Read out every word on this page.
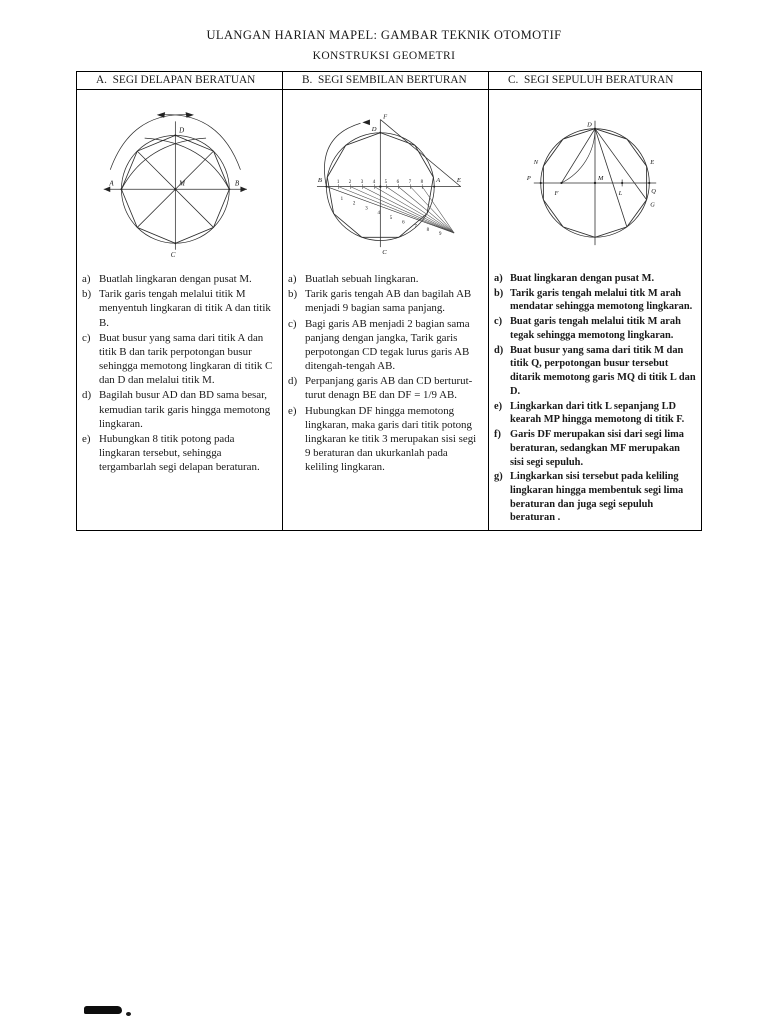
ULANGAN HARIAN MAPEL: GAMBAR TEKNIK OTOMOTIF
KONSTRUKSI GEOMETRI
A.  SEGI DELAPAN BERATUAN	B.  SEGI SEMBILAN BERTURAN	C.  SEGI SEPULUH BERATURAN

D
A	B
C
M
a) Buatlah lingkaran dengan pusat M.
b) Tarik garis tengah melalui titik M menyentuh lingkaran di titik A dan titik B.
c) Buat busur yang sama dari titik A dan titik B dan tarik perpotongan busur sehingga memotong lingkaran di titik C dan D dan melalui titik M.
d) Bagilah busur AD dan BD sama besar, kemudian tarik garis hingga memotong lingkaran.
e) Hubungkan 8 titik potong pada lingkaran tersebut, sehingga tergambarlah segi delapan beraturan.

1 2 3 4 5 6 7 8
1
2
3
4
5
6
7
8
9
F
D
A E
B
C
a) Buatlah sebuah lingkaran.
b) Tarik garis tengah AB dan bagilah AB menjadi 9 bagian sama panjang.
c) Bagi garis AB menjadi 2 bagian sama panjang dengan jangka, Tarik garis perpotongan CD tegak lurus garis AB ditengah-tengah AB.
d) Perpanjang garis AB dan CD berturut-turut denagn BE dan DF = 1/9 AB.
e) Hubungkan DF hingga memotong lingkaran, maka garis dari titik potong lingkaran ke titik 3 merupakan sisi segi 9 beraturan dan ukurkanlah pada keliling lingkaran.

D
P
Q
M
L
F
N	E
G
a) Buat lingkaran dengan pusat M.
b) Tarik garis tengah melalui titk M arah mendatar sehingga memotong lingkaran.
c) Buat garis tengah melalui titik M arah tegak sehingga memotong lingkaran.
d) Buat busur yang sama dari titik M dan titik Q, perpotongan busur tersebut ditarik memotong garis MQ di titik L dan D.
e) Lingkarkan dari titk L sepanjang LD kearah MP hingga memotong di titik F.
f) Garis DF merupakan sisi dari segi lima beraturan, sedangkan MF merupakan sisi segi sepuluh.
g) Lingkarkan sisi tersebut pada keliling lingkaran hingga membentuk segi lima beraturan dan juga segi sepuluh beraturan .
